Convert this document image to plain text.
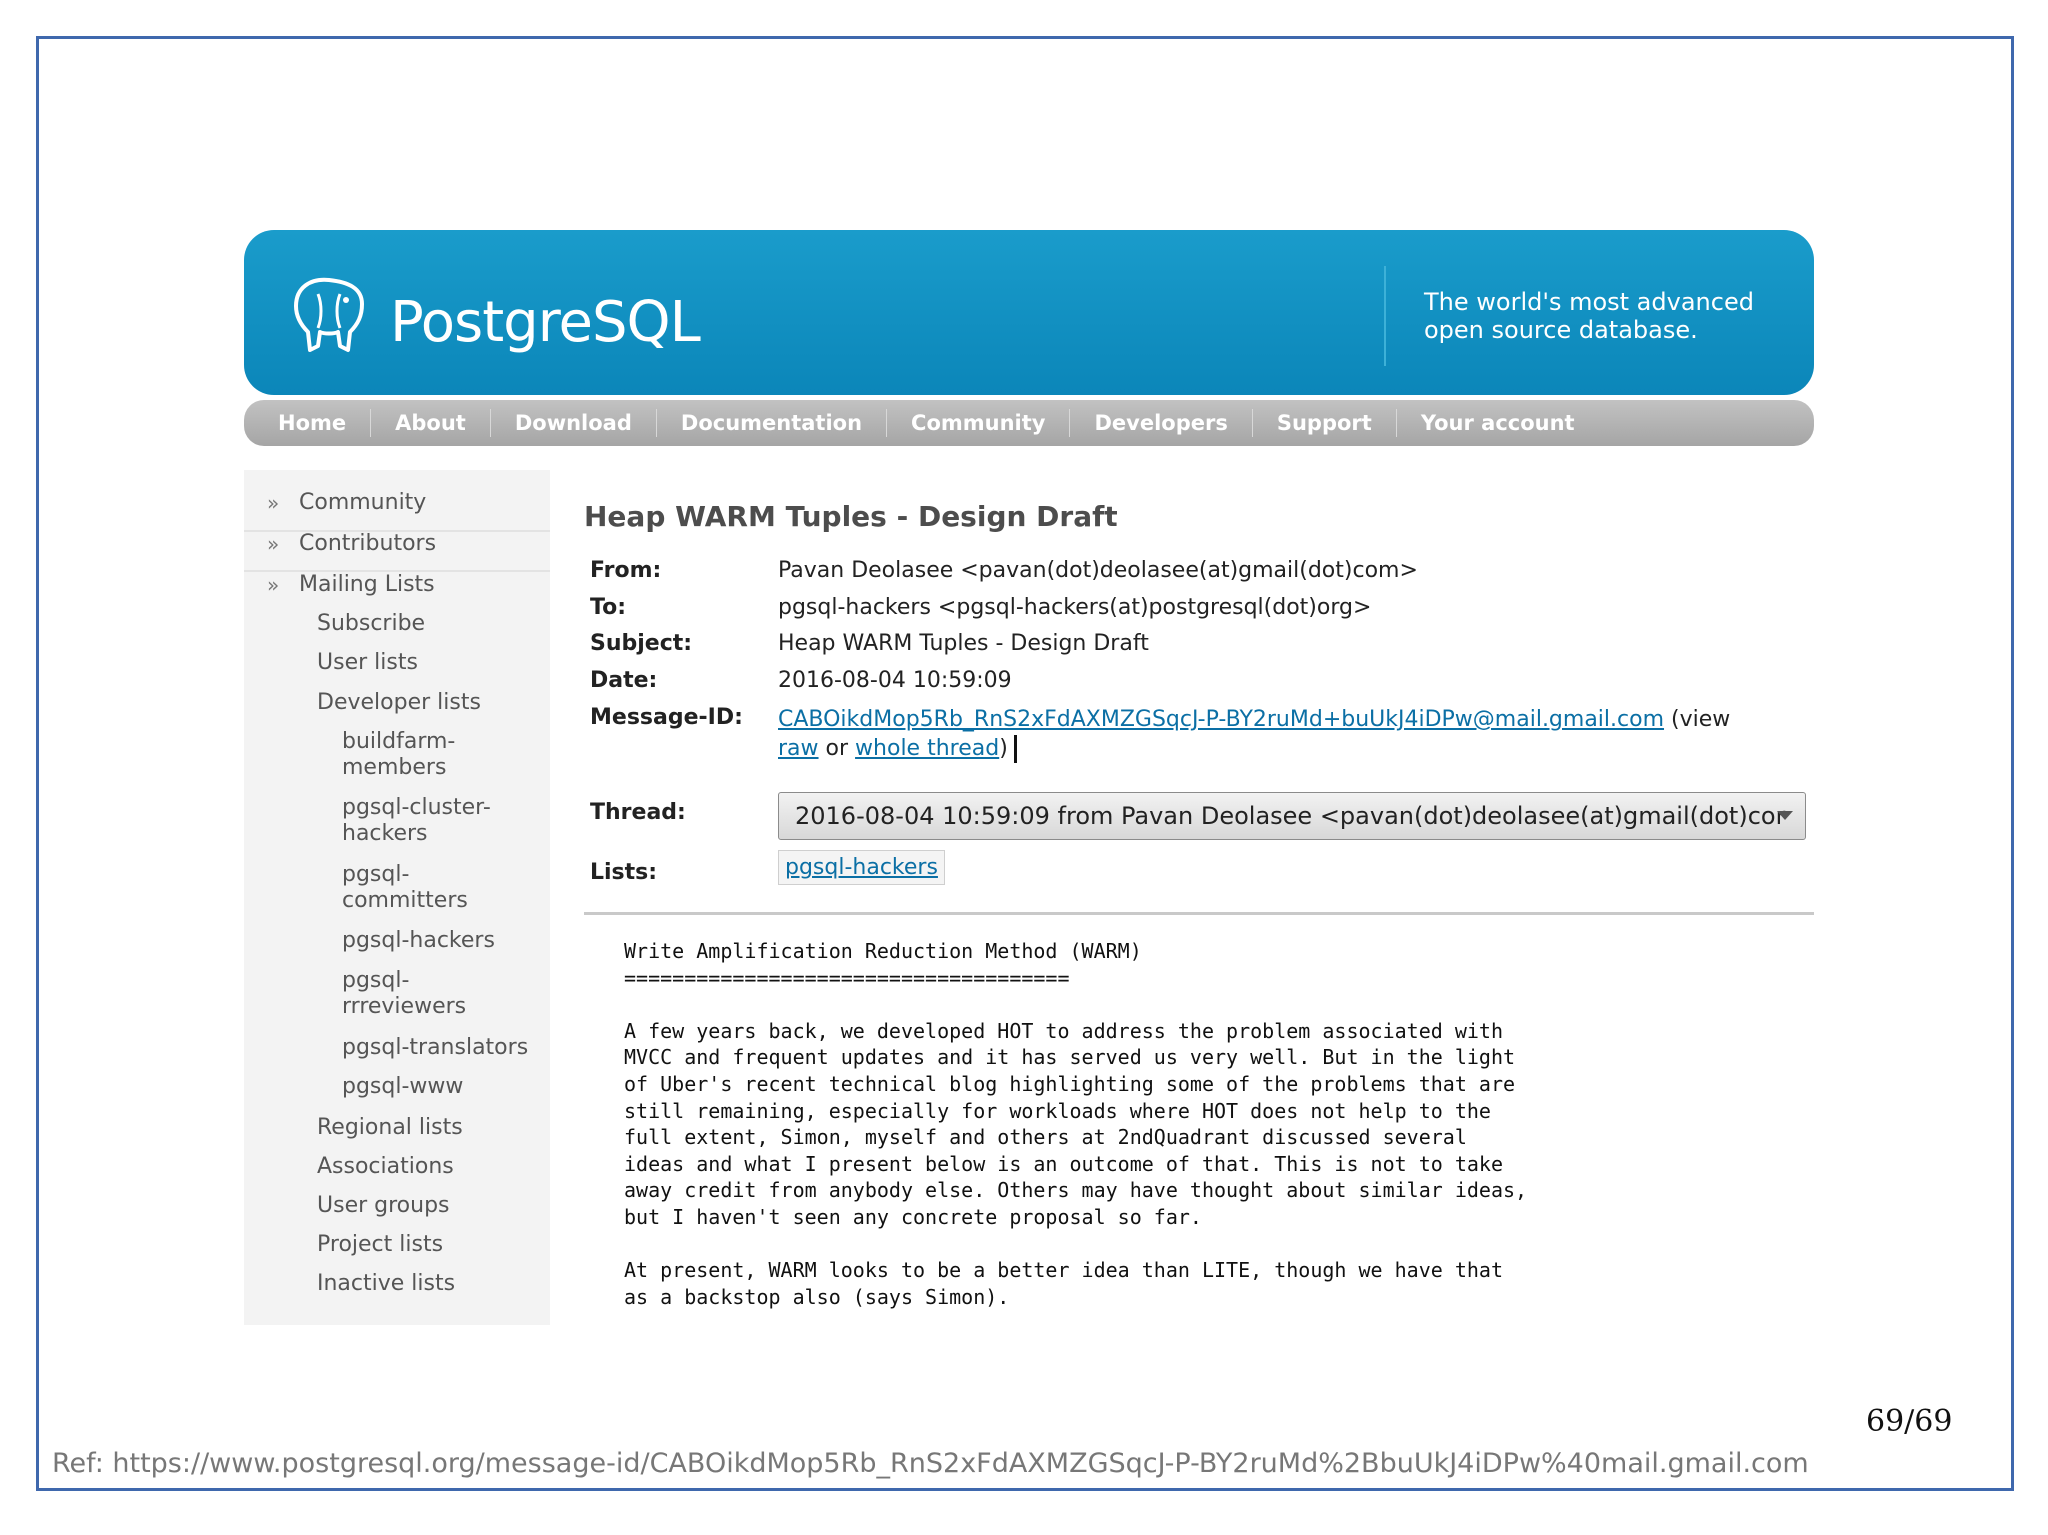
PostgreSQL	The world's most advanced
open source database.
Home	About	Download	Documentation	Community	Developers	Support	Your account
» Community
» Contributors
» Mailing Lists
Subscribe
User lists
Developer lists
buildfarm-
members
pgsql-cluster-
hackers
pgsql-
committers
pgsql-hackers
pgsql-
rrreviewers
pgsql-translators
pgsql-www
Regional lists
Associations
User groups
Project lists
Inactive lists
Heap WARM Tuples - Design Draft
From:	Pavan Deolasee <pavan(dot)deolasee(at)gmail(dot)com>
To:	pgsql-hackers <pgsql-hackers(at)postgresql(dot)org>
Subject:	Heap WARM Tuples - Design Draft
Date:	2016-08-04 10:59:09
Message-ID: CABOikdMop5Rb_RnS2xFdAXMZGSqcJ-P-BY2ruMd+buUkJ4iDPw@mail.gmail.com (view
raw or whole thread)
Thread:	2016-08-04 10:59:09 from Pavan Deolasee <pavan(dot)deolasee(at)gmail(dot)cor
Lists:	pgsql-hackers
Write Amplification Reduction Method (WARM)
=====================================

A few years back, we developed HOT to address the problem associated with
MVCC and frequent updates and it has served us very well. But in the light
of Uber's recent technical blog highlighting some of the problems that are
still remaining, especially for workloads where HOT does not help to the
full extent, Simon, myself and others at 2ndQuadrant discussed several
ideas and what I present below is an outcome of that. This is not to take
away credit from anybody else. Others may have thought about similar ideas,
but I haven't seen any concrete proposal so far.

At present, WARM looks to be a better idea than LITE, though we have that
as a backstop also (says Simon).
69/69
Ref: https://www.postgresql.org/message-id/CABOikdMop5Rb_RnS2xFdAXMZGSqcJ-P-BY2ruMd%2BbuUkJ4iDPw%40mail.gmail.com
